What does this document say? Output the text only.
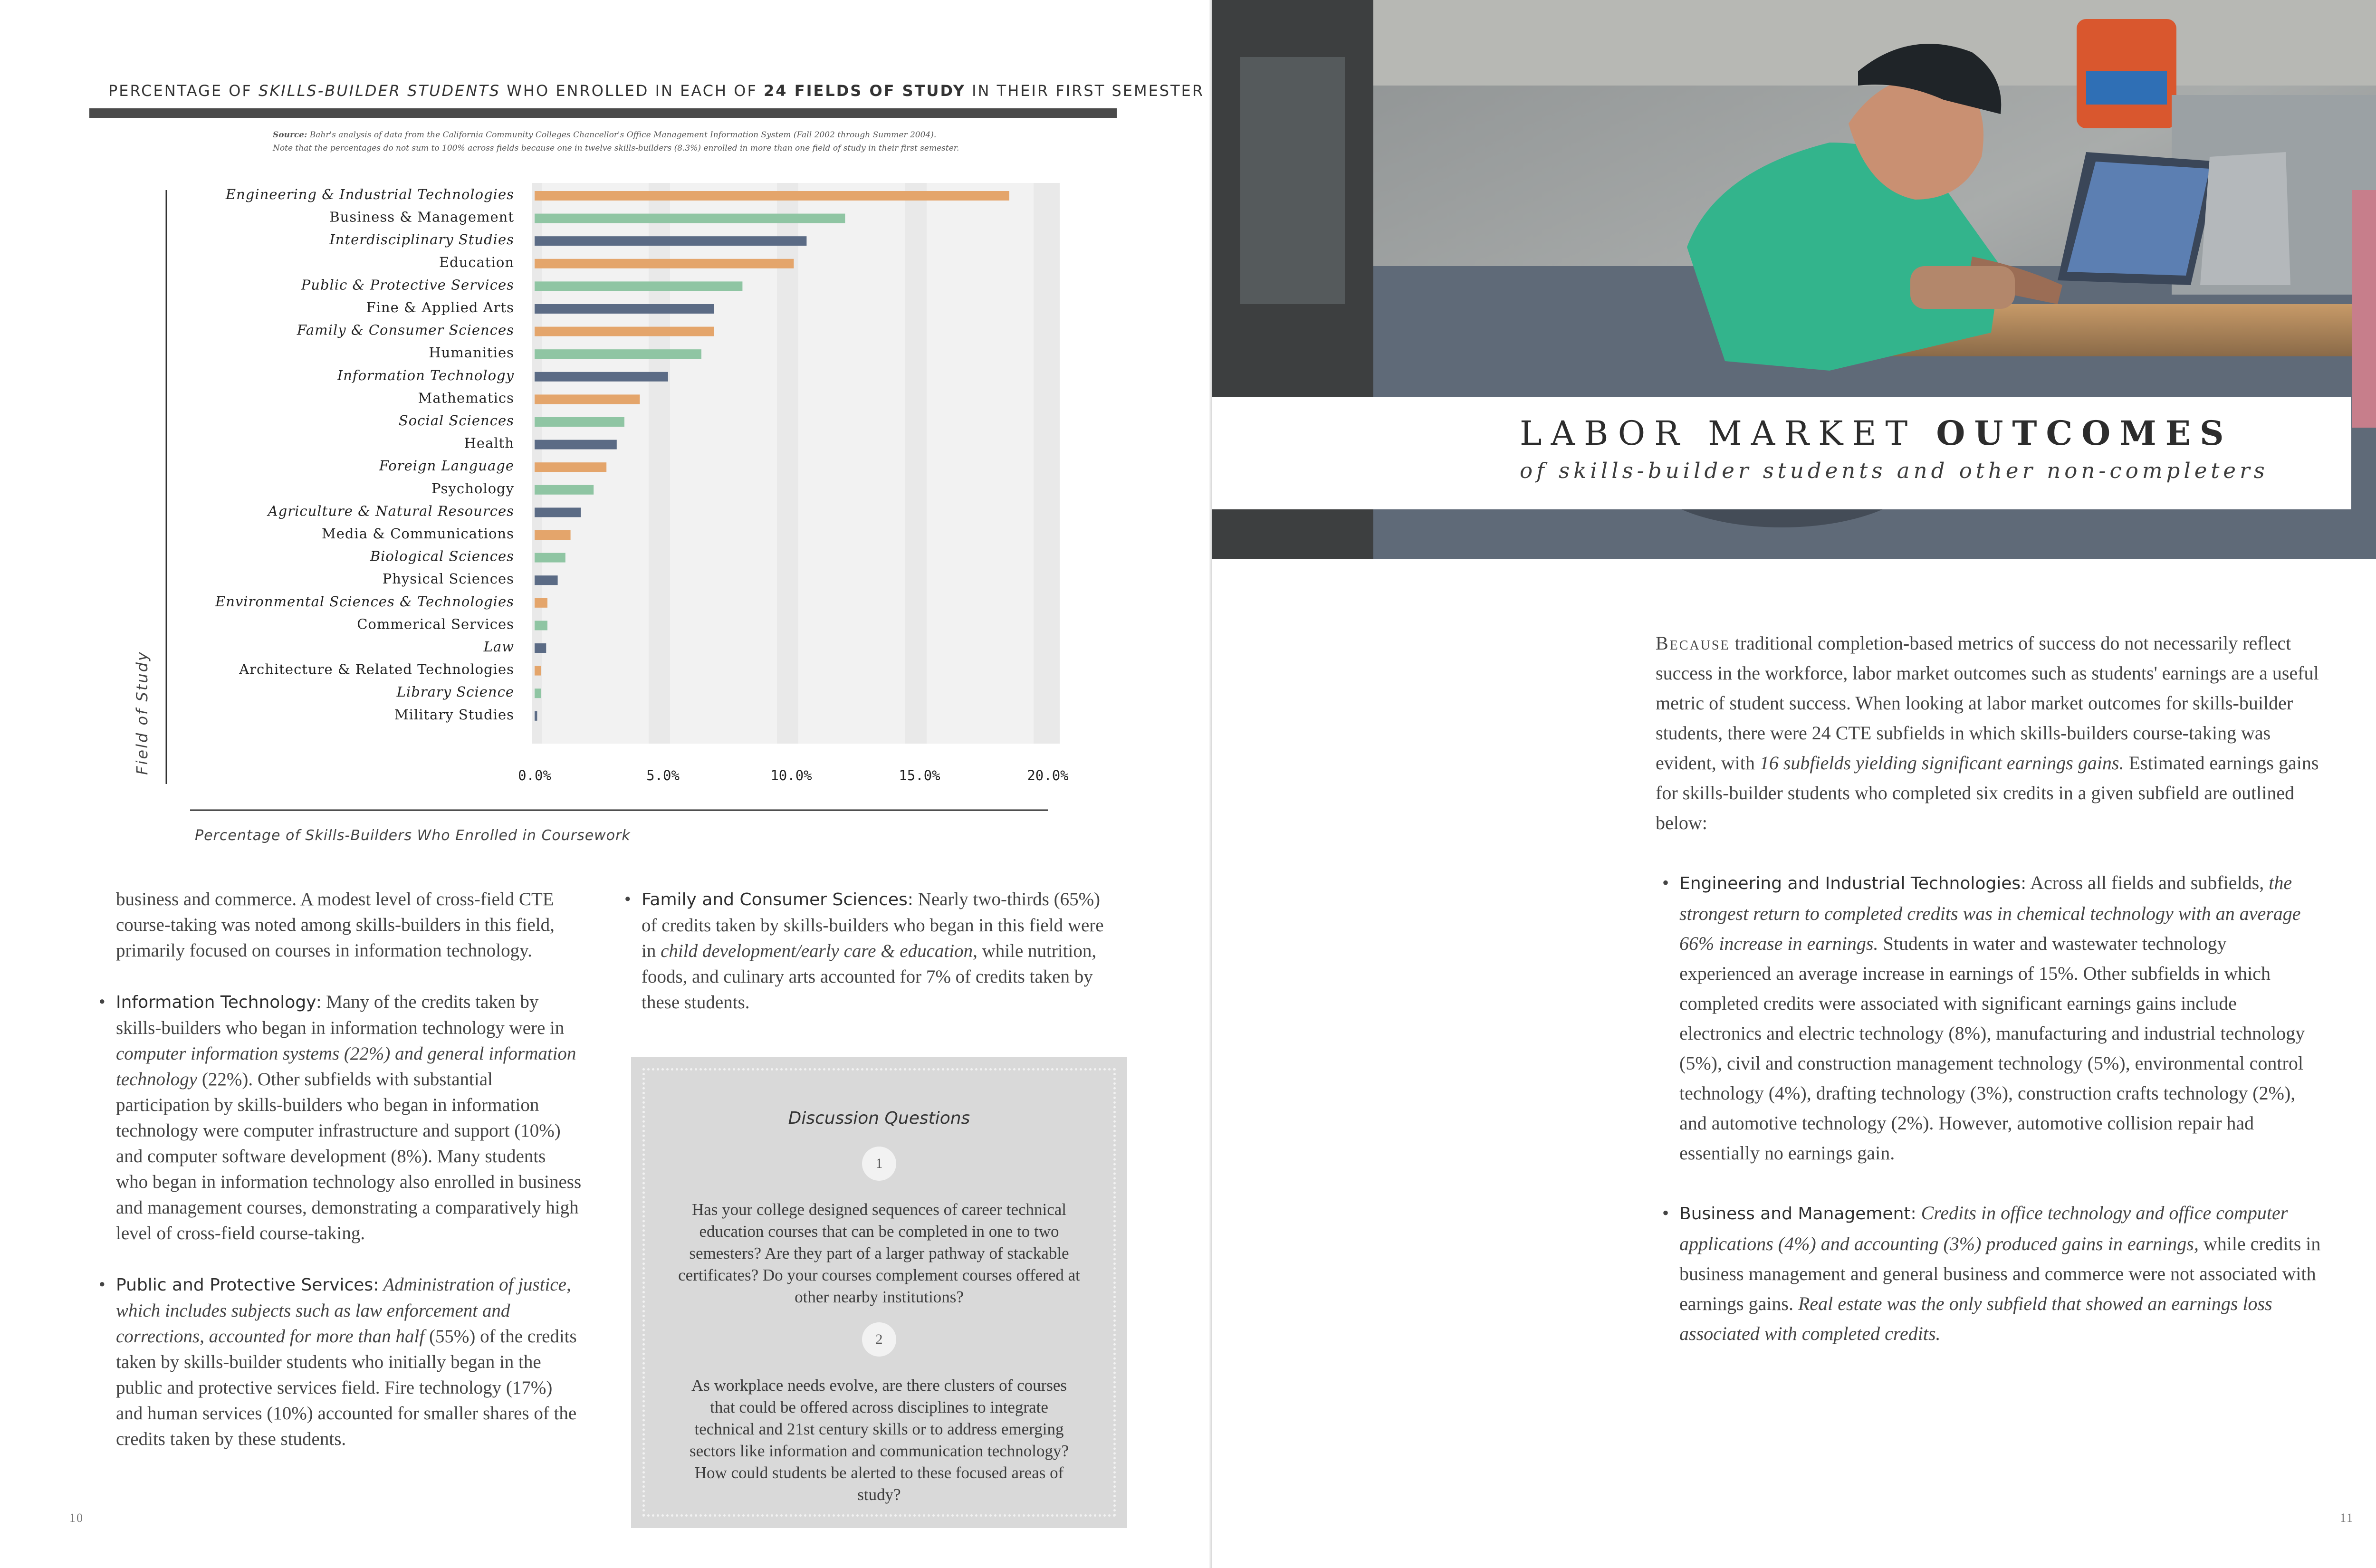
PERCENTAGE OF SKILLS-BUILDER STUDENTS WHO ENROLLED IN EACH OF 24 FIELDS OF STUDY IN THEIR FIRST SEMESTER
Source: Bahr's analysis of data from the California Community Colleges Chancellor's Office Management Information System (Fall 2002 through Summer 2004).
Note that the percentages do not sum to 100% across fields because one in twelve skills-builders (8.3%) enrolled in more than one field of study in their first semester.
Engineering & Industrial Technologies
Business & Management
Interdisciplinary Studies
Education
Public & Protective Services
Fine & Applied Arts
Family & Consumer Sciences
Humanities
Information Technology
Mathematics
Social Sciences
Health
Foreign Language
Psychology
Agriculture & Natural Resources
Media & Communications
Biological Sciences
Physical Sciences
Environmental Sciences & Technologies
Commerical Services
Law
Architecture & Related Technologies
Library Science
Military Studies
0.0%	5.0%	10.0%	15.0%	20.0%
Percentage of Skills-Builders Who Enrolled in Coursework
Field of Study

business and commerce. A modest level of cross-field CTE course-taking was noted among skills-builders in this field, primarily focused on courses in information technology.

• Information Technology: Many of the credits taken by skills-builders who began in information technology were in computer information systems (22%) and general information technology (22%). Other subfields with substantial participation by skills-builders who began in information technology were computer infrastructure and support (10%) and computer software development (8%). Many students who began in information technology also enrolled in business and management courses, demonstrating a comparatively high level of cross-field course-taking.

• Public and Protective Services: Administration of justice, which includes subjects such as law enforcement and corrections, accounted for more than half (55%) of the credits taken by skills-builder students who initially began in the public and protective services field. Fire technology (17%) and human services (10%) accounted for smaller shares of the credits taken by these students.

• Family and Consumer Sciences: Nearly two-thirds (65%) of credits taken by skills-builders who began in this field were in child development/early care & education, while nutrition, foods, and culinary arts accounted for 7% of credits taken by these students.

Discussion Questions
1
Has your college designed sequences of career technical education courses that can be completed in one to two semesters? Are they part of a larger pathway of stackable certificates? Do your courses complement courses offered at other nearby institutions?
2
As workplace needs evolve, are there clusters of courses that could be offered across disciplines to integrate technical and 21st century skills or to address emerging sectors like information and communication technology? How could students be alerted to these focused areas of study?
10
LABOR MARKET OUTCOMES
of skills-builder students and other non-completers

Because traditional completion-based metrics of success do not necessarily reflect success in the workforce, labor market outcomes such as students' earnings are a useful metric of student success. When looking at labor market outcomes for skills-builder students, there were 24 CTE subfields in which skills-builders course-taking was evident, with 16 subfields yielding significant earnings gains. Estimated earnings gains for skills-builder students who completed six credits in a given subfield are outlined below:

• Engineering and Industrial Technologies: Across all fields and subfields, the strongest return to completed credits was in chemical technology with an average 66% increase in earnings. Students in water and wastewater technology experienced an average increase in earnings of 15%. Other subfields in which completed credits were associated with significant earnings gains include electronics and electric technology (8%), manufacturing and industrial technology (5%), civil and construction management technology (5%), environmental control technology (4%), drafting technology (3%), construction crafts technology (2%), and automotive technology (2%). However, automotive collision repair had essentially no earnings gain.

• Business and Management: Credits in office technology and office computer applications (4%) and accounting (3%) produced gains in earnings, while credits in business management and general business and commerce were not associated with earnings gains. Real estate was the only subfield that showed an earnings loss associated with completed credits.

11
